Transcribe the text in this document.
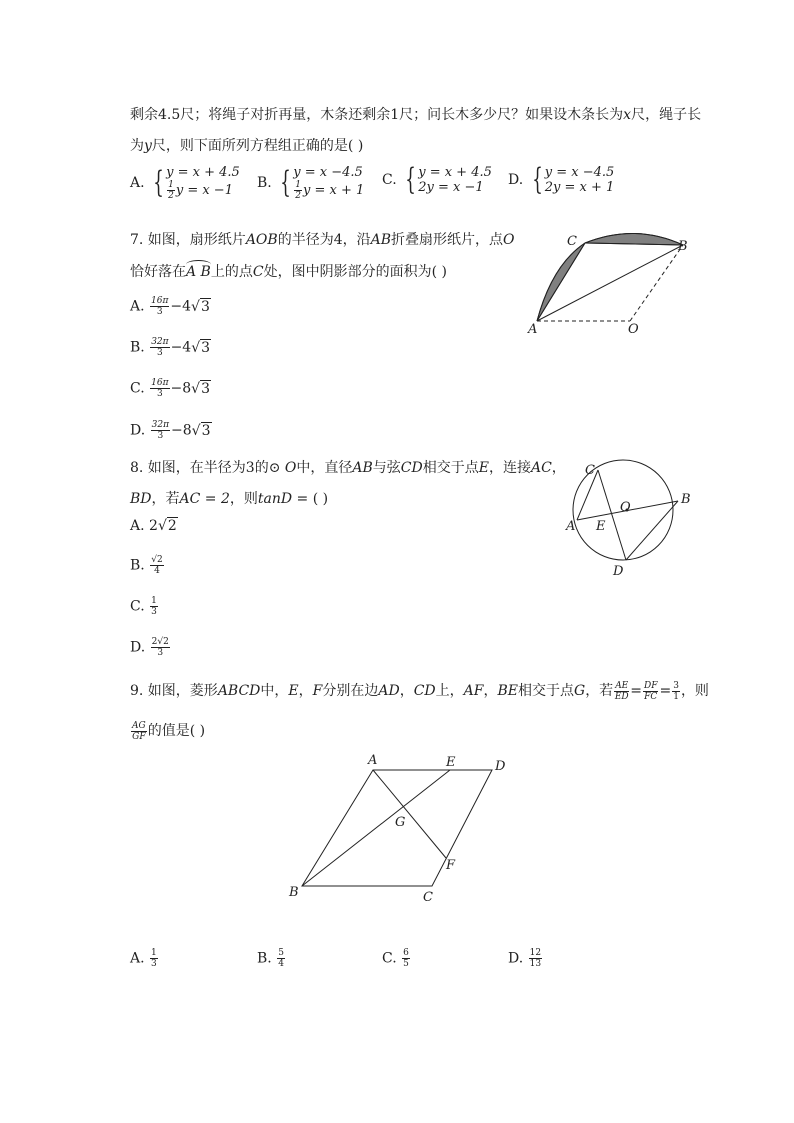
剩余4.5尺；将绳子对折再量，木条还剩余1尺；问长木多少尺？如果设木条长为x尺，绳子长
为y尺，则下面所列方程组正确的是( )
A. { y = x + 4.5
$\frac{1}{2}$ y = x −1	B. { y = x −4.5
$\frac{1}{2}$ y = x + 1
C. { y = x + 4.5
2y = x −1	D. { y = x −4.5
2y = x + 1
7. 如图，扇形纸片AOB的半径为4，沿AB折叠扇形纸片，点O
恰好落在A B上的点C处，图中阴影部分的面积为( )
A. $\frac{16\pi}{3} -4√3$
B. $\frac{32\pi}{3} -4√3$
C. $\frac{16\pi}{3} -8√3$
D. $\frac{32\pi}{3} -8√3$
A
B
C
O
8. 如图，在半径为3的⊙ O中，直径AB与弦CD相交于点E，连接AC，
BD，若AC = 2，则tanD = ( )
A. 2√2
B. $\frac{√2}{4}$
C. $\frac{1}{3}$
D. $\frac{2√2}{3}$
A
B
C
D
E
O
9. 如图，菱形ABCD中，E，F分别在边AD，CD上，AF，BE相交于点G，若 $\frac{AE}{ED} = \frac{DF}{FC} = \frac{3}{1}$ ，则
$\frac{AG}{GF}$ 的值是( )
A
B	C
D
E
F
G
A. $\frac{1}{3}$	B. $\frac{5}{4}$	C. $\frac{6}{5}$	D. $\frac{12}{13}$
